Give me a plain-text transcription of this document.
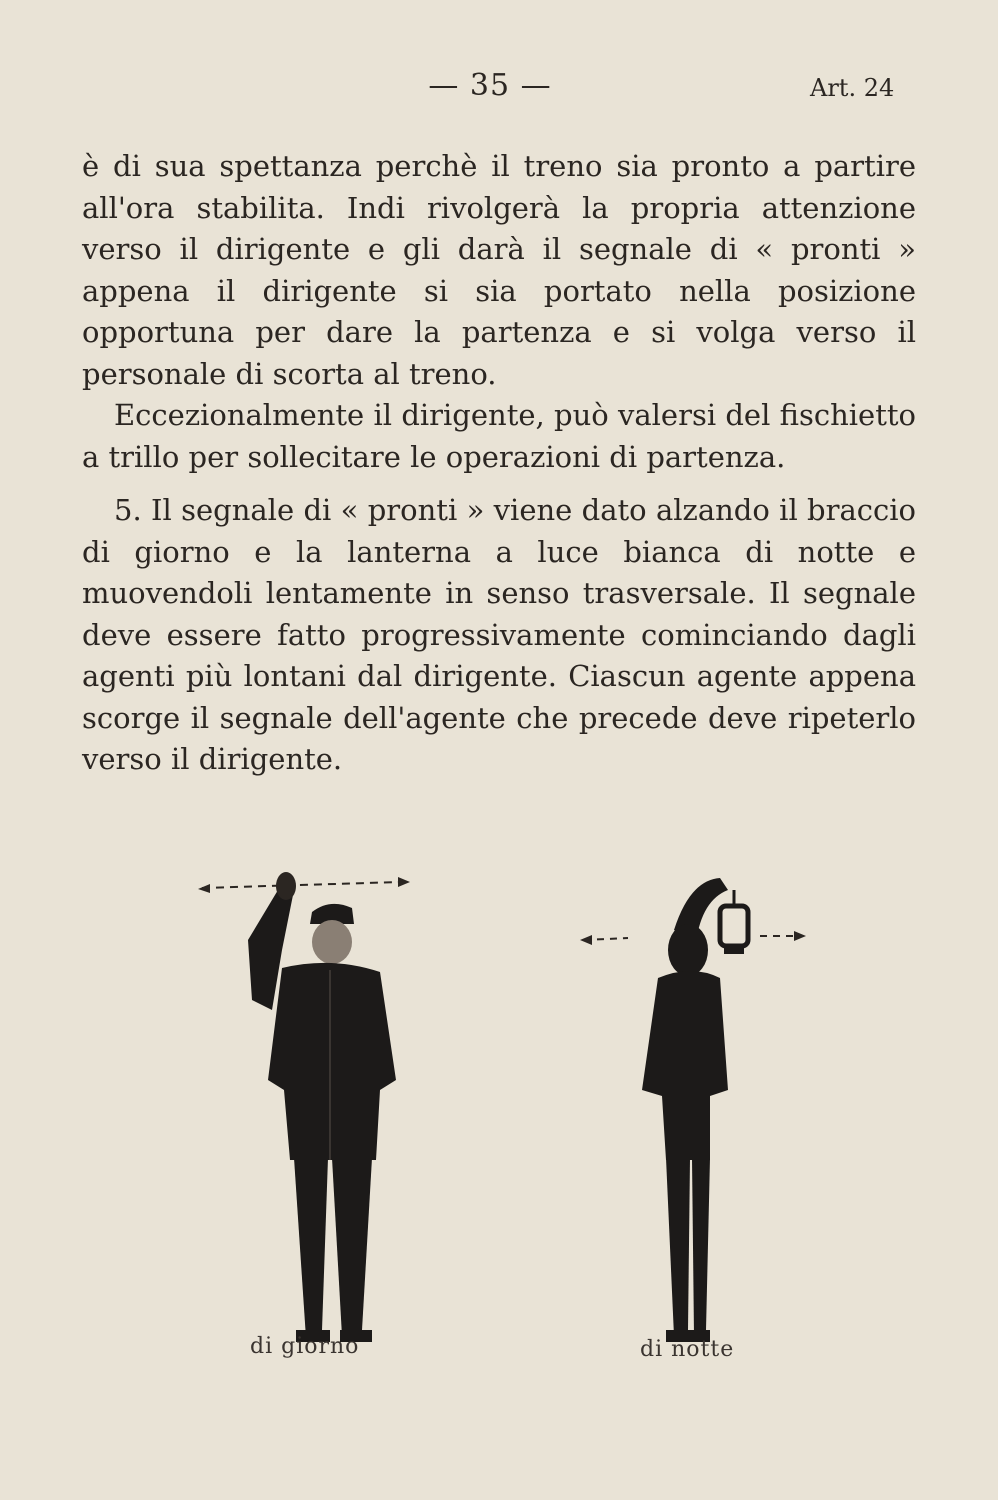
— 35 —	Art. 24

è di sua spettanza perchè il treno sia pronto a partire all'ora stabilita. Indi rivolgerà la propria attenzione verso il dirigente e gli darà il segnale di « pronti » appena il dirigente si sia portato nella posizione opportuna per dare la partenza e si volga verso il personale di scorta al treno.

Eccezionalmente il dirigente, può valersi del fischietto a trillo per sollecitare le operazioni di partenza.

5. Il segnale di « pronti » viene dato alzando il braccio di giorno e la lanterna a luce bianca di notte e muovendoli lentamente in senso trasversale. Il segnale deve essere fatto progressivamente cominciando dagli agenti più lontani dal dirigente. Ciascun agente appena scorge il segnale dell'agente che precede deve ripeterlo verso il dirigente.

di giorno	di notte
